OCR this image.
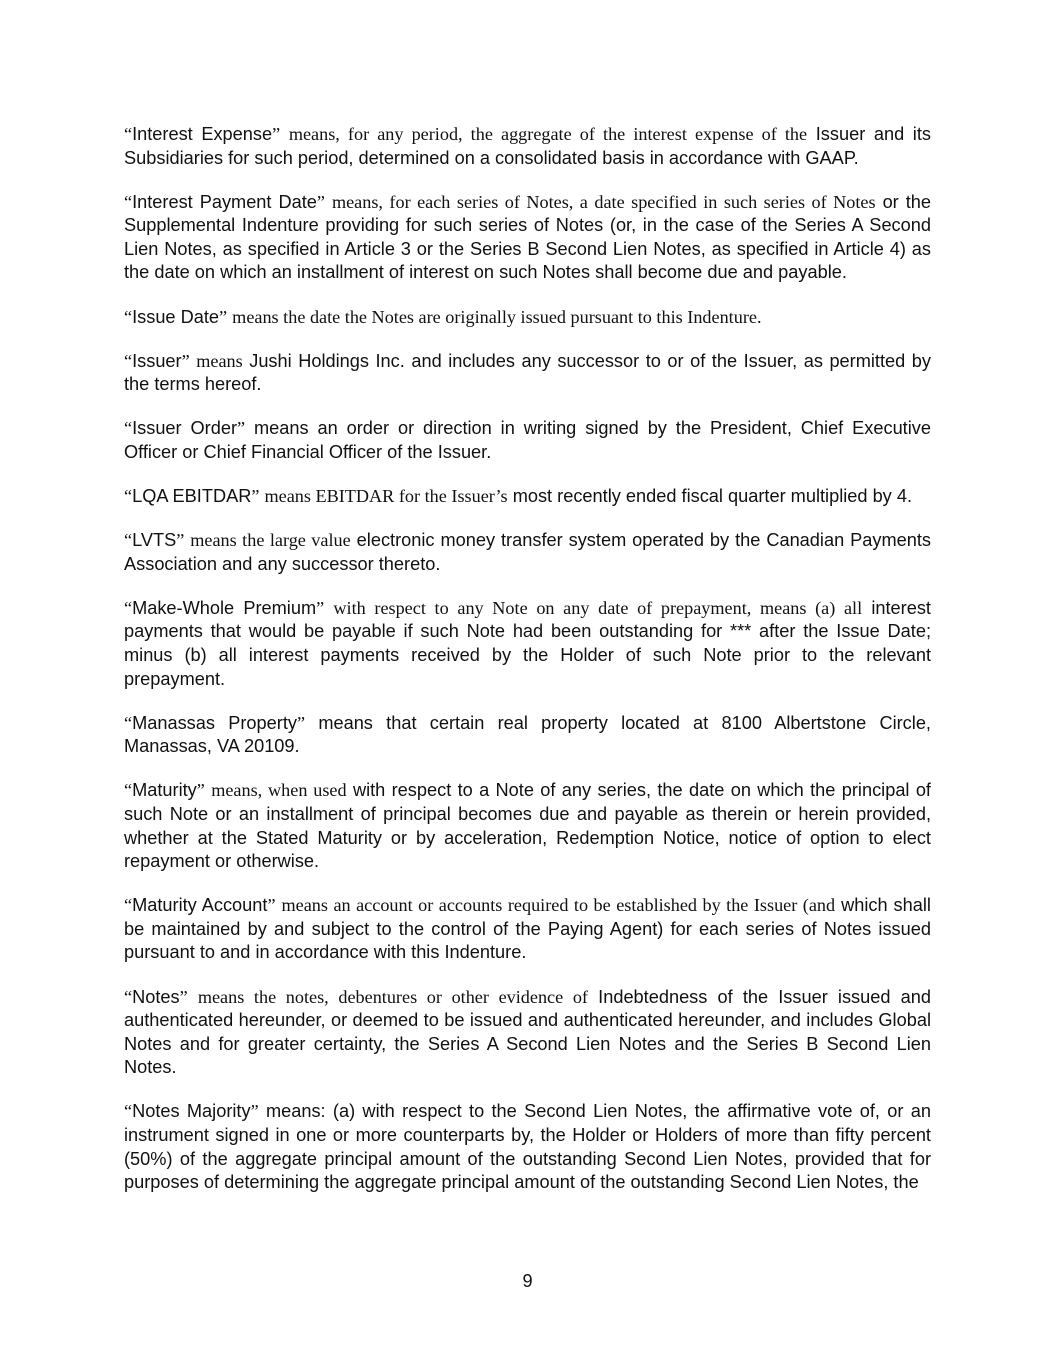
“Interest Expense” means, for any period, the aggregate of the interest expense of the Issuer and its Subsidiaries for such period, determined on a consolidated basis in accordance with GAAP.

“Interest Payment Date” means, for each series of Notes, a date specified in such series of Notes or the Supplemental Indenture providing for such series of Notes (or, in the case of the Series A Second Lien Notes, as specified in Article 3 or the Series B Second Lien Notes, as specified in Article 4) as the date on which an installment of interest on such Notes shall become due and payable.

“Issue Date” means the date the Notes are originally issued pursuant to this Indenture.

“Issuer” means Jushi Holdings Inc. and includes any successor to or of the Issuer, as permitted by the terms hereof.

“Issuer Order” means an order or direction in writing signed by the President, Chief Executive Officer or Chief Financial Officer of the Issuer.

“LQA EBITDAR” means EBITDAR for the Issuer’s most recently ended fiscal quarter multiplied by 4.

“LVTS” means the large value electronic money transfer system operated by the Canadian Payments Association and any successor thereto.

“Make-Whole Premium” with respect to any Note on any date of prepayment, means (a) all interest payments that would be payable if such Note had been outstanding for *** after the Issue Date; minus (b) all interest payments received by the Holder of such Note prior to the relevant prepayment.

“Manassas Property” means that certain real property located at 8100 Albertstone Circle, Manassas, VA 20109.

“Maturity” means, when used with respect to a Note of any series, the date on which the principal of such Note or an installment of principal becomes due and payable as therein or herein provided, whether at the Stated Maturity or by acceleration, Redemption Notice, notice of option to elect repayment or otherwise.

“Maturity Account” means an account or accounts required to be established by the Issuer (and which shall be maintained by and subject to the control of the Paying Agent) for each series of Notes issued pursuant to and in accordance with this Indenture.

“Notes” means the notes, debentures or other evidence of Indebtedness of the Issuer issued and authenticated hereunder, or deemed to be issued and authenticated hereunder, and includes Global Notes and for greater certainty, the Series A Second Lien Notes and the Series B Second Lien Notes.

“Notes Majority” means: (a) with respect to the Second Lien Notes, the affirmative vote of, or an instrument signed in one or more counterparts by, the Holder or Holders of more than fifty percent (50%) of the aggregate principal amount of the outstanding Second Lien Notes, provided that for purposes of determining the aggregate principal amount of the outstanding Second Lien Notes, the

9
